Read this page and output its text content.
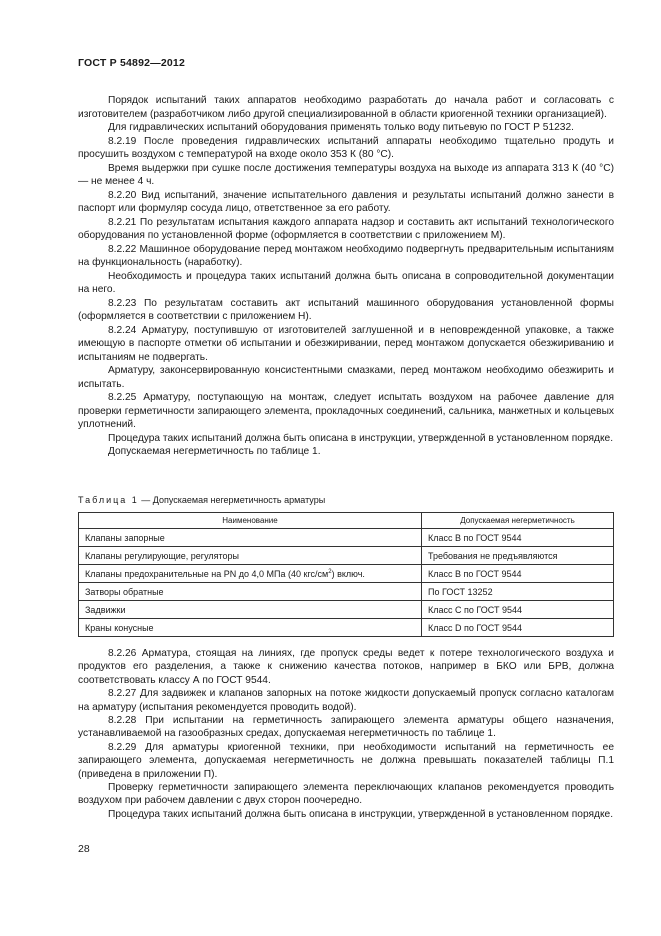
ГОСТ Р 54892—2012

Порядок испытаний таких аппаратов необходимо разработать до начала работ и согласовать с изготовителем (разработчиком либо другой специализированной в области криогенной техники организацией).

Для гидравлических испытаний оборудования применять только воду питьевую по ГОСТ Р 51232.

8.2.19 После проведения гидравлических испытаний аппараты необходимо тщательно продуть и просушить воздухом с температурой на входе около 353 К (80 °С).

Время выдержки при сушке после достижения температуры воздуха на выходе из аппарата 313 К (40 °С) — не менее 4 ч.

8.2.20 Вид испытаний, значение испытательного давления и результаты испытаний должно занести в паспорт или формуляр сосуда лицо, ответственное за его работу.

8.2.21 По результатам испытания каждого аппарата надзор и составить акт испытаний технологического оборудования по установленной форме (оформляется в соответствии с приложением М).

8.2.22 Машинное оборудование перед монтажом необходимо подвергнуть предварительным испытаниям на функциональность (наработку).

Необходимость и процедура таких испытаний должна быть описана в сопроводительной документации на него.

8.2.23 По результатам составить акт испытаний машинного оборудования установленной формы (оформляется в соответствии с приложением Н).

8.2.24 Арматуру, поступившую от изготовителей заглушенной и в неповрежденной упаковке, а также имеющую в паспорте отметки об испытании и обезжиривании, перед монтажом допускается обезжириванию и испытаниям не подвергать.

Арматуру, законсервированную консистентными смазками, перед монтажом необходимо обезжирить и испытать.

8.2.25 Арматуру, поступающую на монтаж, следует испытать воздухом на рабочее давление для проверки герметичности запирающего элемента, прокладочных соединений, сальника, манжетных и кольцевых уплотнений.

Процедура таких испытаний должна быть описана в инструкции, утвержденной в установленном порядке.

Допускаемая негерметичность по таблице 1.

Таблица 1 — Допускаемая негерметичность арматуры
Наименование	Допускаемая негерметичность
Клапаны запорные	Класс В по ГОСТ 9544
Клапаны регулирующие, регуляторы	Требования не предъявляются
Клапаны предохранительные на PN до 4,0 МПа (40 кгс/$см^2$) включ.	Класс В по ГОСТ 9544
Затворы обратные	По ГОСТ 13252
Задвижки	Класс С по ГОСТ 9544
Краны конусные	Класс D по ГОСТ 9544

8.2.26 Арматура, стоящая на линиях, где пропуск среды ведет к потере технологического воздуха и продуктов его разделения, а также к снижению качества потоков, например в БКО или БРВ, должна соответствовать классу А по ГОСТ 9544.

8.2.27 Для задвижек и клапанов запорных на потоке жидкости допускаемый пропуск согласно каталогам на арматуру (испытания рекомендуется проводить водой).

8.2.28 При испытании на герметичность запирающего элемента арматуры общего назначения, устанавливаемой на газообразных средах, допускаемая негерметичность по таблице 1.

8.2.29 Для арматуры криогенной техники, при необходимости испытаний на герметичность ее запирающего элемента, допускаемая негерметичность не должна превышать показателей таблицы П.1 (приведена в приложении П).

Проверку герметичности запирающего элемента переключающих клапанов рекомендуется проводить воздухом при рабочем давлении с двух сторон поочередно.

Процедура таких испытаний должна быть описана в инструкции, утвержденной в установленном порядке.

28
